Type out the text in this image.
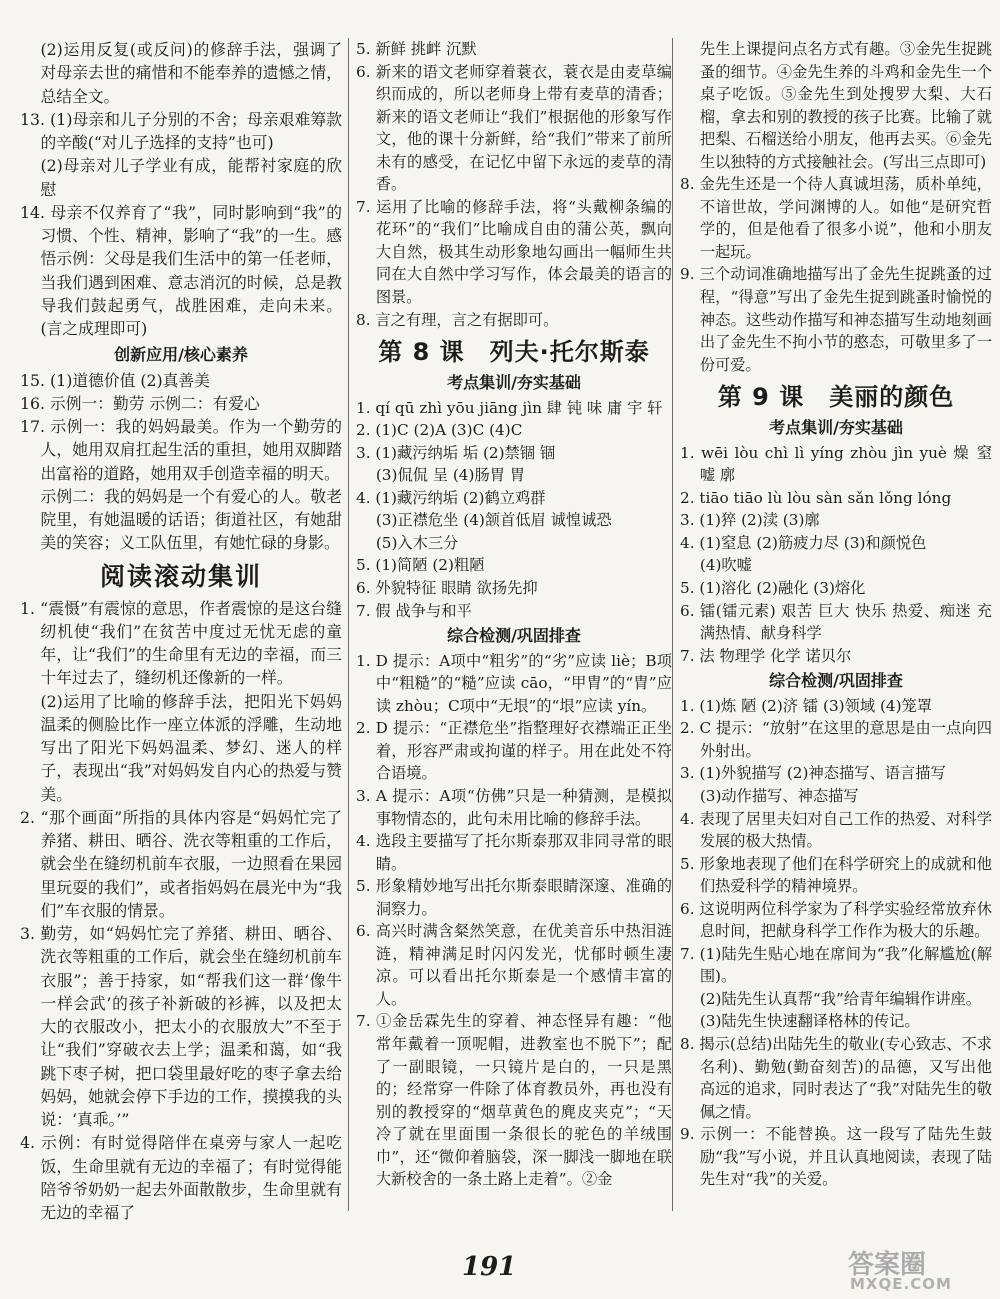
(2)运用反复(或反问)的修辞手法，强调了对母亲去世的痛惜和不能奉养的遗憾之情，总结全文。

13. (1)母亲和儿子分别的不舍；母亲艰难筹款的辛酸(“对儿子选择的支持”也可)

(2)母亲对儿子学业有成，能帮衬家庭的欣慰

14. 母亲不仅养育了“我”，同时影响到“我”的习惯、个性、精神，影响了“我”的一生。感悟示例：父母是我们生活中的第一任老师，当我们遇到困难、意志消沉的时候，总是教导我们鼓起勇气，战胜困难，走向未来。(言之成理即可)

创新应用/核心素养

15. (1)道德价值 (2)真善美

16. 示例一：勤劳 示例二：有爱心

17. 示例一：我的妈妈最美。作为一个勤劳的人，她用双肩扛起生活的重担，她用双脚踏出富裕的道路，她用双手创造幸福的明天。

示例二：我的妈妈是一个有爱心的人。敬老院里，有她温暖的话语；街道社区，有她甜美的笑容；义工队伍里，有她忙碌的身影。

阅读滚动集训

1. “震慑”有震惊的意思，作者震惊的是这台缝纫机使“我们”在贫苦中度过无忧无虑的童年，让“我们”的生命里有无边的幸福，而三十年过去了，缝纫机还像新的一样。

(2)运用了比喻的修辞手法，把阳光下妈妈温柔的侧脸比作一座立体派的浮雕，生动地写出了阳光下妈妈温柔、梦幻、迷人的样子，表现出“我”对妈妈发自内心的热爱与赞美。

2. “那个画面”所指的具体内容是“妈妈忙完了养猪、耕田、晒谷、洗衣等粗重的工作后，就会坐在缝纫机前车衣服，一边照看在果园里玩耍的我们”，或者指妈妈在晨光中为“我们”车衣服的情景。

3. 勤劳，如“妈妈忙完了养猪、耕田、晒谷、洗衣等粗重的工作后，就会坐在缝纫机前车衣服”；善于持家，如“帮我们这一群‘像牛一样会武’的孩子补新破的衫裤，以及把太大的衣服改小，把太小的衣服放大”不至于让“我们”穿破衣去上学；温柔和蔼，如“我跳下枣子树，把口袋里最好吃的枣子拿去给妈妈，她就会停下手边的工作，摸摸我的头说：‘真乖。’”

4. 示例：有时觉得陪伴在桌旁与家人一起吃饭，生命里就有无边的幸福了；有时觉得能陪爷爷奶奶一起去外面散散步，生命里就有无边的幸福了

5. 新鲜 挑衅 沉默

6. 新来的语文老师穿着蓑衣，蓑衣是由麦草编织而成的，所以老师身上带有麦草的清香；新来的语文老师让“我们”根据他的形象写作文，他的课十分新鲜，给“我们”带来了前所未有的感受，在记忆中留下永远的麦草的清香。

7. 运用了比喻的修辞手法，将“头戴柳条编的花环”的“我们”比喻成自由的蒲公英，飘向大自然，极其生动形象地勾画出一幅师生共同在大自然中学习写作，体会最美的语言的图景。

8. 言之有理，言之有据即可。

第 8 课　列夫·托尔斯泰
考点集训/夯实基础

1. qí qū zhì yōu jiāng jìn 肆 钝 味 庸 宇 轩

2. (1)C (2)A (3)C (4)C

3. (1)藏污纳垢 垢 (2)禁锢 锢

(3)侃侃 呈 (4)肠胃 胃

4. (1)藏污纳垢 (2)鹤立鸡群

(3)正襟危坐 (4)颔首低眉 诚惶诚恐

(5)入木三分

5. (1)简陋 (2)粗陋

6. 外貌特征 眼睛 欲扬先抑

7. 假 战争与和平

综合检测/巩固排查

1. D 提示：A项中“粗劣”的“劣”应读 liè；B项中“粗糙”的“糙”应读 cāo，“甲胄”的“胄”应读 zhòu；C项中“无垠”的“垠”应读 yín。

2. D 提示：“正襟危坐”指整理好衣襟端正正坐着，形容严肃或拘谨的样子。用在此处不符合语境。

3. A 提示：A项“仿佛”只是一种猜测，是模拟事物情态的，此句未用比喻的修辞手法。

4. 选段主要描写了托尔斯泰那双非同寻常的眼睛。

5. 形象精妙地写出托尔斯泰眼睛深邃、准确的洞察力。

6. 高兴时满含粲然笑意，在优美音乐中热泪涟涟，精神满足时闪闪发光，忧郁时顿生凄凉。可以看出托尔斯泰是一个感情丰富的人。

7. ①金岳霖先生的穿着、神态怪异有趣：“他常年戴着一顶呢帽，进教室也不脱下”；配了一副眼镜，一只镜片是白的，一只是黑的；经常穿一件除了体育教员外，再也没有别的教授穿的“烟草黄色的麂皮夹克”；“天冷了就在里面围一条很长的驼色的羊绒围巾”，还“微仰着脑袋，深一脚浅一脚地在联大新校舍的一条土路上走着”。②金

先生上课提问点名方式有趣。③金先生捉跳蚤的细节。④金先生养的斗鸡和金先生一个桌子吃饭。⑤金先生到处搜罗大梨、大石榴，拿去和别的教授的孩子比赛。比输了就把梨、石榴送给小朋友，他再去买。⑥金先生以独特的方式接触社会。(写出三点即可)

8. 金先生还是一个待人真诚坦荡，质朴单纯，不谙世故，学问渊博的人。如他“是研究哲学的，但是他看了很多小说”，他和小朋友一起玩。

9. 三个动词准确地描写出了金先生捉跳蚤的过程，“得意”写出了金先生捉到跳蚤时愉悦的神态。这些动作描写和神态描写生动地刻画出了金先生不拘小节的憨态，可敬里多了一份可爱。

第 9 课　美丽的颜色
考点集训/夯实基础

1. wēi lòu chì lì yíng zhòu jìn yuè 燥 窒 嘘 廓

2. tiāo tiāo lù lòu sàn sǎn lǒng lóng

3. (1)猝 (2)渎 (3)廓

4. (1)窒息 (2)筋疲力尽 (3)和颜悦色

(4)吹嘘

5. (1)溶化 (2)融化 (3)熔化

6. 镭(镭元素) 艰苦 巨大 快乐 热爱、痴迷 充满热情、献身科学

7. 法 物理学 化学 诺贝尔

综合检测/巩固排查

1. (1)炼 陋 (2)济 镭 (3)领域 (4)笼罩

2. C 提示：“放射”在这里的意思是由一点向四外射出。

3. (1)外貌描写 (2)神态描写、语言描写

(3)动作描写、神态描写

4. 表现了居里夫妇对自己工作的热爱、对科学发展的极大热情。

5. 形象地表现了他们在科学研究上的成就和他们热爱科学的精神境界。

6. 这说明两位科学家为了科学实验经常放弃休息时间，把献身科学工作作为极大的乐趣。

7. (1)陆先生贴心地在席间为“我”化解尴尬(解围)。

(2)陆先生认真帮“我”给青年编辑作讲座。

(3)陆先生快速翻译格林的传记。

8. 揭示(总结)出陆先生的敬业(专心致志、不求名利)、勤勉(勤奋刻苦)的品德，又写出他高远的追求，同时表达了“我”对陆先生的敬佩之情。

9. 示例一：不能替换。这一段写了陆先生鼓励“我”写小说，并且认真地阅读，表现了陆先生对“我”的关爱。

191	答案圈
MXQE.COM
